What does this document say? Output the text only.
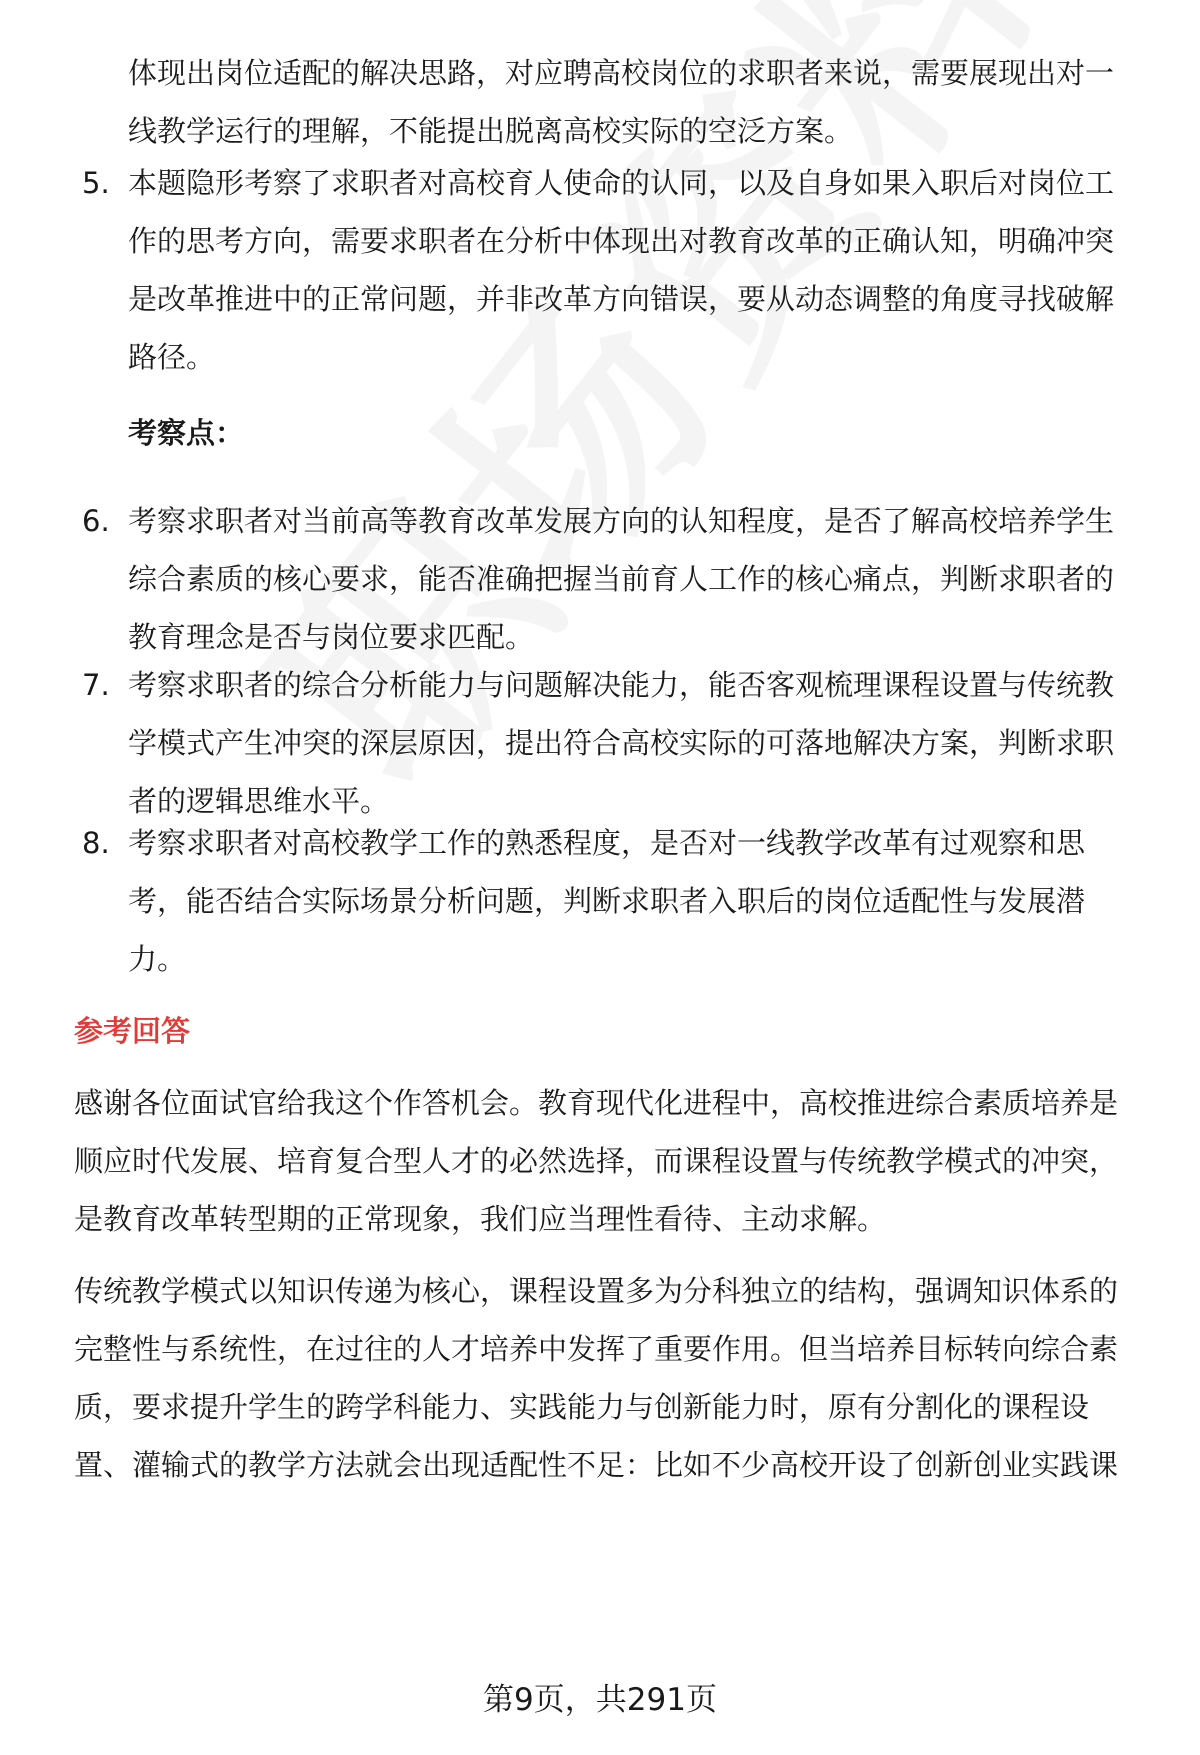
体现出岗位适配的解决思路，对应聘高校岗位的求职者来说，需要展现出对一
线教学运行的理解，不能提出脱离高校实际的空泛方案。
5. 本题隐形考察了求职者对高校育人使命的认同，以及自身如果入职后对岗位工作的思考方向，需要求职者在分析中体现出对教育改革的正确认知，明确冲突是改革推进中的正常问题，并非改革方向错误，要从动态调整的角度寻找破解路径。
考察点：
6. 考察求职者对当前高等教育改革发展方向的认知程度，是否了解高校培养学生综合素质的核心要求，能否准确把握当前育人工作的核心痛点，判断求职者的教育理念是否与岗位要求匹配。
7. 考察求职者的综合分析能力与问题解决能力，能否客观梳理课程设置与传统教学模式产生冲突的深层原因，提出符合高校实际的可落地解决方案，判断求职者的逻辑思维水平。
8. 考察求职者对高校教学工作的熟悉程度，是否对一线教学改革有过观察和思考，能否结合实际场景分析问题，判断求职者入职后的岗位适配性与发展潜力。
参考回答
感谢各位面试官给我这个作答机会。教育现代化进程中，高校推进综合素质培养是顺应时代发展、培育复合型人才的必然选择，而课程设置与传统教学模式的冲突，是教育改革转型期的正常现象，我们应当理性看待、主动求解。
传统教学模式以知识传递为核心，课程设置多为分科独立的结构，强调知识体系的完整性与系统性，在过往的人才培养中发挥了重要作用。但当培养目标转向综合素质，要求提升学生的跨学科能力、实践能力与创新能力时，原有分割化的课程设置、灌输式的教学方法就会出现适配性不足：比如不少高校开设了创新创业实践课
第9页，共291页
